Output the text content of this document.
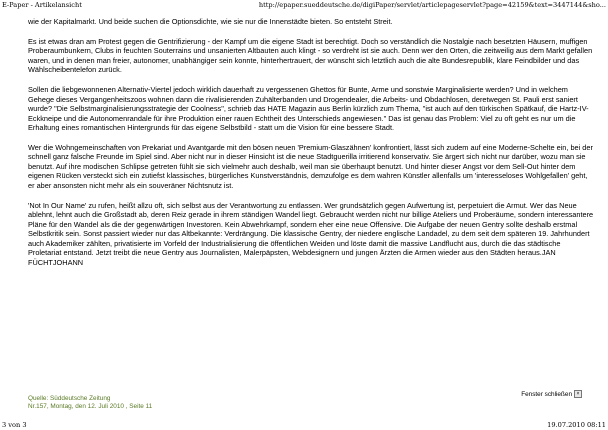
E-Paper - Artikelansicht	http://epaper.sueddeutsche.de/digiPaper/servlet/articlepageservlet?page=42159&text=3447144&sho...

wie der Kapitalmarkt. Und beide suchen die Optionsdichte, wie sie nur die Innenstädte bieten. So entsteht Streit.

Es ist etwas dran am Protest gegen die Gentrifizierung - der Kampf um die eigene Stadt ist berechtigt. Doch so verständlich die Nostalgie nach besetzten Häusern, muffigen Proberaumbunkern, Clubs in feuchten Souterrains und unsanierten Altbauten auch klingt - so verdreht ist sie auch. Denn wer den Orten, die zeitweilig aus dem Markt gefallen waren, und in denen man freier, autonomer, unabhängiger sein konnte, hinterhertrauert, der wünscht sich letztlich auch die alte Bundesrepublik, klare Feindbilder und das Wählscheibentelefon zurück.

Sollen die liebgewonnenen Alternativ-Viertel jedoch wirklich dauerhaft zu vergessenen Ghettos für Bunte, Arme und sonstwie Marginalisierte werden? Und in welchem Gehege dieses Vergangenheitszoos wohnen dann die rivalisierenden Zuhälterbanden und Drogendealer, die Arbeits- und Obdachlosen, deretwegen St. Pauli erst saniert wurde? "Die Selbstmarginalisierungsstrategie der Coolness", schrieb das HATE Magazin aus Berlin kürzlich zum Thema, "ist auch auf den türkischen Spätkauf, die Hartz-IV-Eckkneipe und die Autonomenrandale für ihre Produktion einer rauen Echtheit des Unterschieds angewiesen." Das ist genau das Problem: Viel zu oft geht es nur um die Erhaltung eines romantischen Hintergrunds für das eigene Selbstbild - statt um die Vision für eine bessere Stadt.

Wer die Wohngemeinschaften von Prekariat und Avantgarde mit den bösen neuen 'Premium-Glaszähnen' konfrontiert, lässt sich zudem auf eine Moderne-Schelte ein, bei der schnell ganz falsche Freunde im Spiel sind. Aber nicht nur in dieser Hinsicht ist die neue Stadtguerilla irritierend konservativ. Sie ärgert sich nicht nur darüber, wozu man sie benutzt. Auf ihre modischen Schlipse getreten fühlt sie sich vielmehr auch deshalb, weil man sie überhaupt benutzt. Und hinter dieser Angst vor dem Sell-Out hinter dem eigenen Rücken versteckt sich ein zutiefst klassisches, bürgerliches Kunstverständnis, demzufolge es dem wahren Künstler allenfalls um 'interesseloses Wohlgefallen' geht, er aber ansonsten nicht mehr als ein souveräner Nichtsnutz ist.

'Not In Our Name' zu rufen, heißt allzu oft, sich selbst aus der Verantwortung zu entlassen. Wer grundsätzlich gegen Aufwertung ist, perpetuiert die Armut. Wer das Neue ablehnt, lehnt auch die Großstadt ab, deren Reiz gerade in ihrem ständigen Wandel liegt. Gebraucht werden nicht nur billige Ateliers und Proberäume, sondern interessantere Pläne für den Wandel als die der gegenwärtigen Investoren. Kein Abwehrkampf, sondern eher eine neue Offensive. Die Aufgabe der neuen Gentry sollte deshalb erstmal Selbstkritik sein. Sonst passiert wieder nur das Altbekannte: Verdrängung. Die klassische Gentry, der niedere englische Landadel, zu dem seit dem späteren 19. Jahrhundert auch Akademiker zählten, privatisierte im Vorfeld der Industrialisierung die öffentlichen Weiden und löste damit die massive Landflucht aus, durch die das städtische Proletariat entstand. Jetzt treibt die neue Gentry aus Journalisten, Malerpäpsten, Webdesignern und jungen Ärzten die Armen wieder aus den Städten heraus.JAN FÜCHTJOHANN

Quelle: Süddeutsche Zeitung
Nr.157, Montag, den 12. Juli 2010 , Seite 11
Fenster schließen ×
3 von 3	19.07.2010 08:11
